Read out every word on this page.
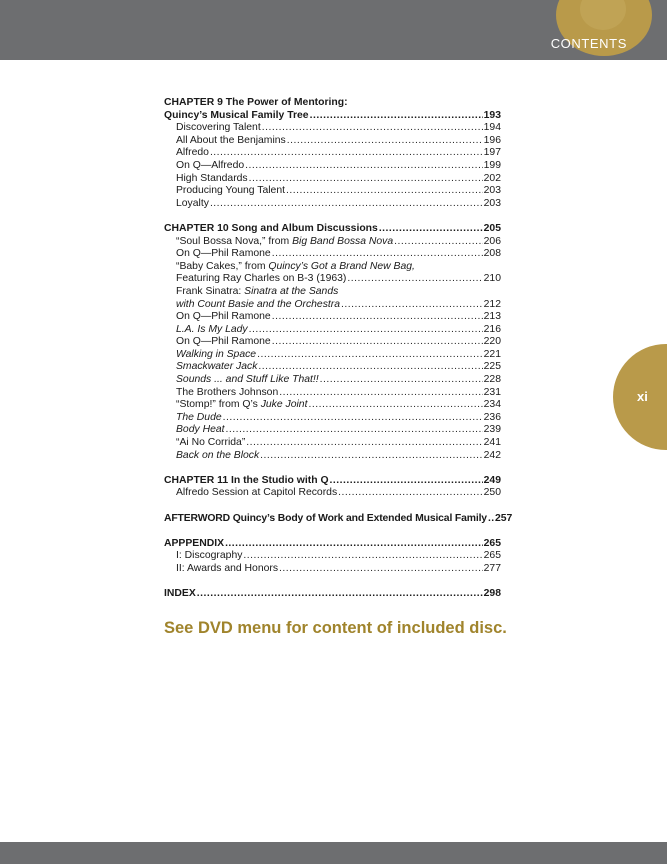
CONTENTS
xi
CHAPTER 9 The Power of Mentoring:
Quincy’s Musical Family Tree . . .	193
Discovering Talent . . .	194
All About the Benjamins . . .	196
Alfredo . . .	197
On Q—Alfredo . . .	199
High Standards . . .	202
Producing Young Talent . . .	203
Loyalty . . .	203
CHAPTER 10 Song and Album Discussions . . .	205
“Soul Bossa Nova,” from Big Band Bossa Nova . . .	206
On Q—Phil Ramone . . .	208
“Baby Cakes,” from Quincy’s Got a Brand New Bag,
Featuring Ray Charles on B-3 (1963) . . .	210
Frank Sinatra: Sinatra at the Sands
with Count Basie and the Orchestra . . .	212
On Q—Phil Ramone . . .	213
L.A. Is My Lady . . .	216
On Q—Phil Ramone . . .	220
Walking in Space . . .	221
Smackwater Jack . . .	225
Sounds ... and Stuff Like That!! . . .	228
The Brothers Johnson . . .	231
“Stomp!” from Q’s Juke Joint . . .	234
The Dude . . .	236
Body Heat . . .	239
“Ai No Corrida” . . .	241
Back on the Block . . .	242
CHAPTER 11 In the Studio with Q . . .	249
Alfredo Session at Capitol Records . . .	250
AFTERWORD Quincy’s Body of Work and Extended Musical Family . . . 257
APPPENDIX . . .	265
I: Discography . . .	265
II: Awards and Honors . . .	277
INDEX . . .	298
See DVD menu for content of included disc.
